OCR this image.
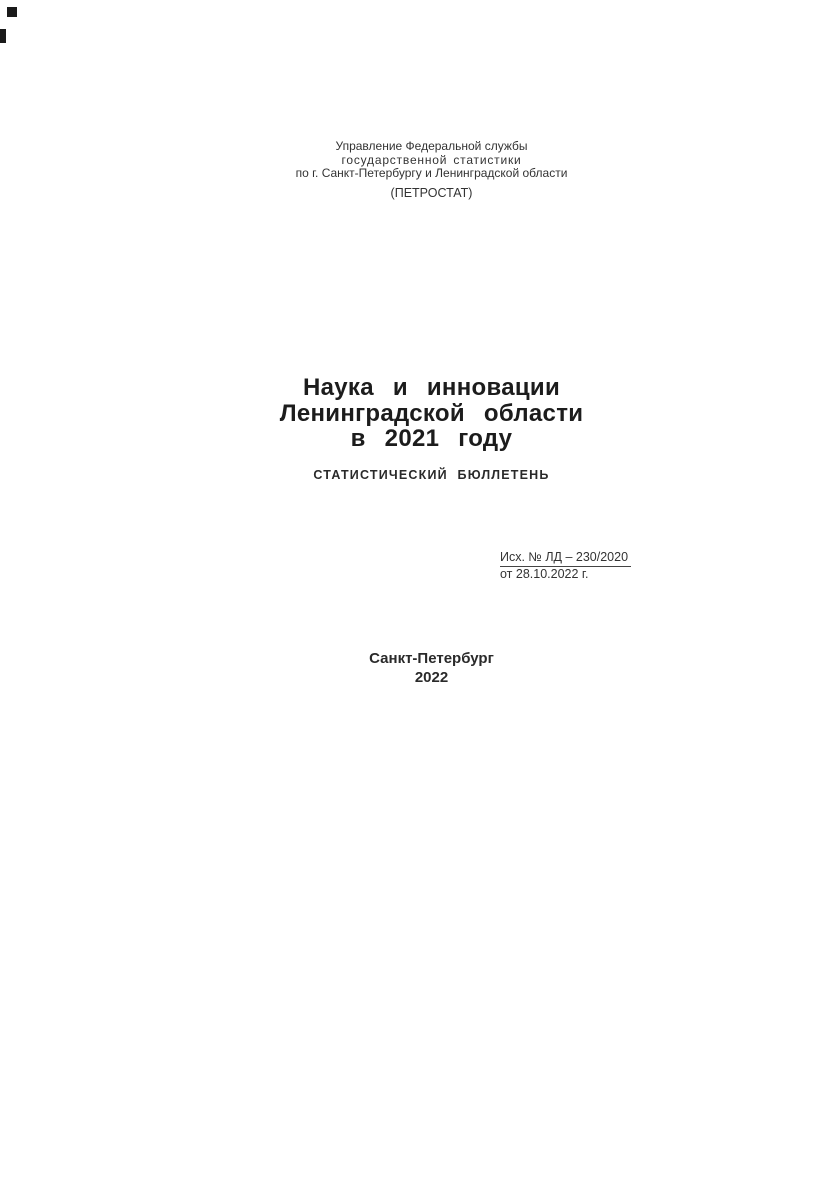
Управление Федеральной службы
государственной статистики
по г. Санкт-Петербургу и Ленинградской области
(ПЕТРОСТАТ)
Наука и инновации
Ленинградской области
в 2021 году
СТАТИСТИЧЕСКИЙ БЮЛЛЕТЕНЬ
Исх. № ЛД – 230/2020
от 28.10.2022 г.
Санкт-Петербург
2022
